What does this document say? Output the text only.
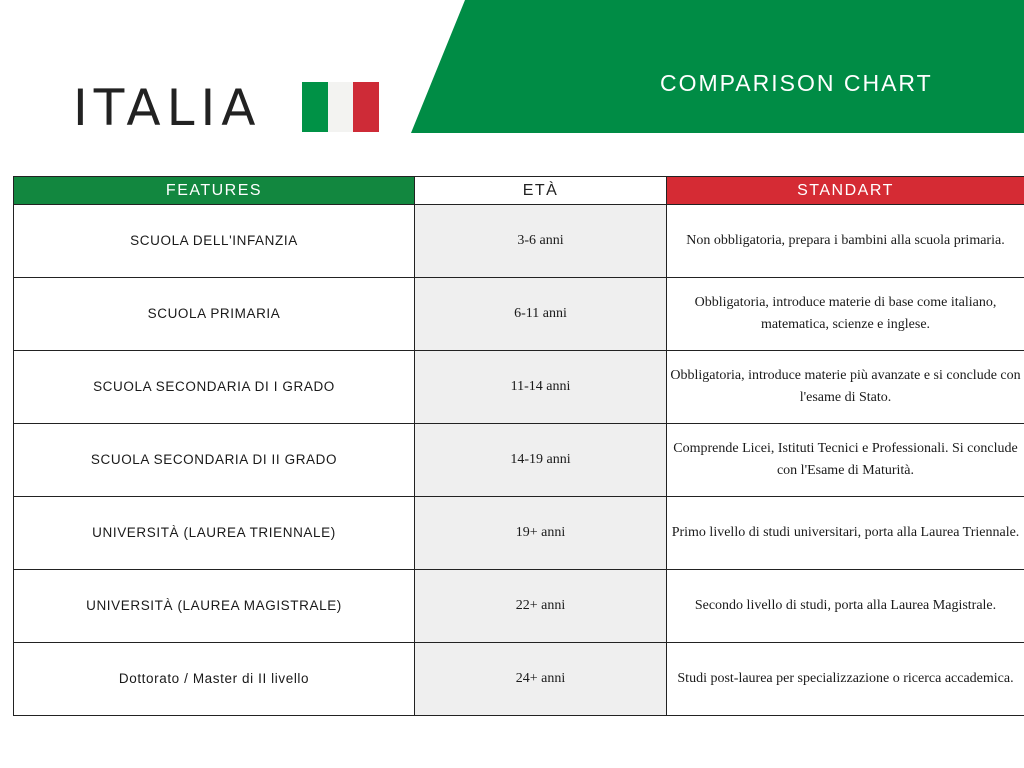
COMPARISON CHART
ITALIA
FEATURES	ETÀ	STANDART
SCUOLA DELL'INFANZIA	3-6 anni	Non obbligatoria, prepara i bambini alla scuola primaria.
SCUOLA PRIMARIA	6-11 anni	Obbligatoria, introduce materie di base come italiano, matematica, scienze e inglese.
SCUOLA SECONDARIA DI I GRADO	11-14 anni	Obbligatoria, introduce materie più avanzate e si conclude con l'esame di Stato.
SCUOLA SECONDARIA DI II GRADO	14-19 anni	Comprende Licei, Istituti Tecnici e Professionali. Si conclude con l'Esame di Maturità.
UNIVERSITÀ (LAUREA TRIENNALE)	19+ anni	Primo livello di studi universitari, porta alla Laurea Triennale.
UNIVERSITÀ (LAUREA MAGISTRALE)	22+ anni	Secondo livello di studi, porta alla Laurea Magistrale.
Dottorato / Master di II livello	24+ anni	Studi post-laurea per specializzazione o ricerca accademica.
